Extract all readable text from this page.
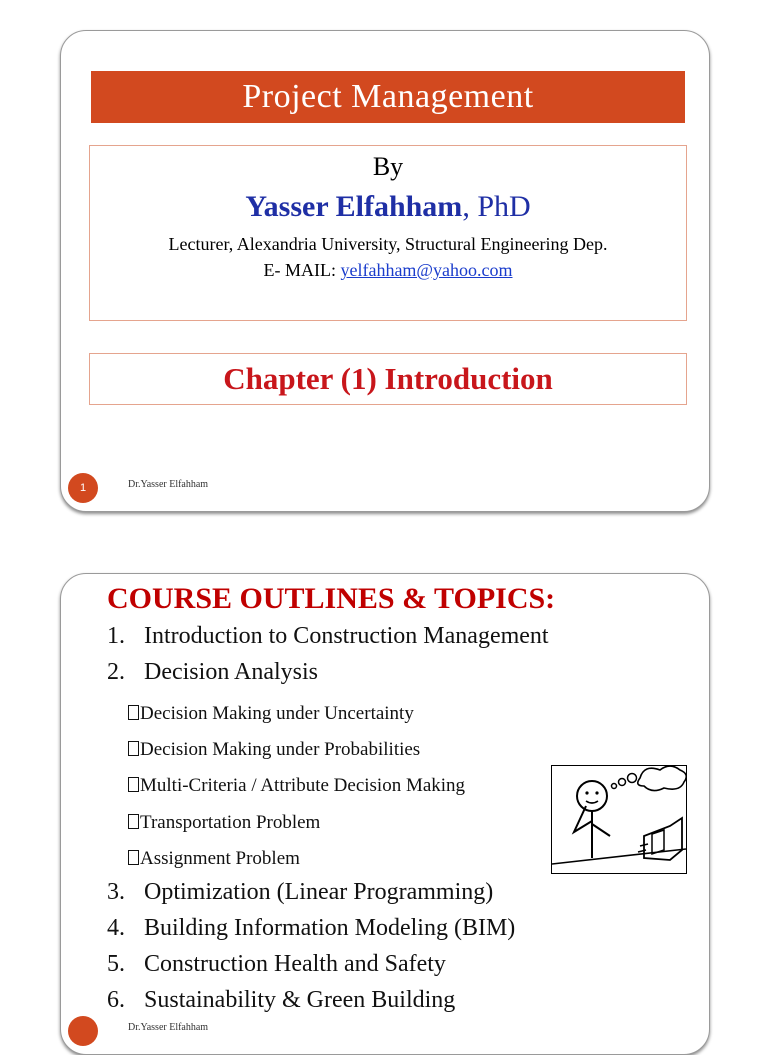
Project Management
By
Yasser Elfahham, PhD
Lecturer, Alexandria University, Structural Engineering Dep.
E- MAIL: yelfahham@yahoo.com
Chapter (1) Introduction
1	Dr.Yasser Elfahham
COURSE OUTLINES & TOPICS:
1. Introduction to Construction Management
2. Decision Analysis
Decision Making under Uncertainty
Decision Making under Probabilities
Multi-Criteria / Attribute Decision Making
Transportation Problem
Assignment Problem
3. Optimization (Linear Programming)
4. Building Information Modeling (BIM)
5. Construction Health and Safety
6. Sustainability & Green Building
Dr.Yasser Elfahham
